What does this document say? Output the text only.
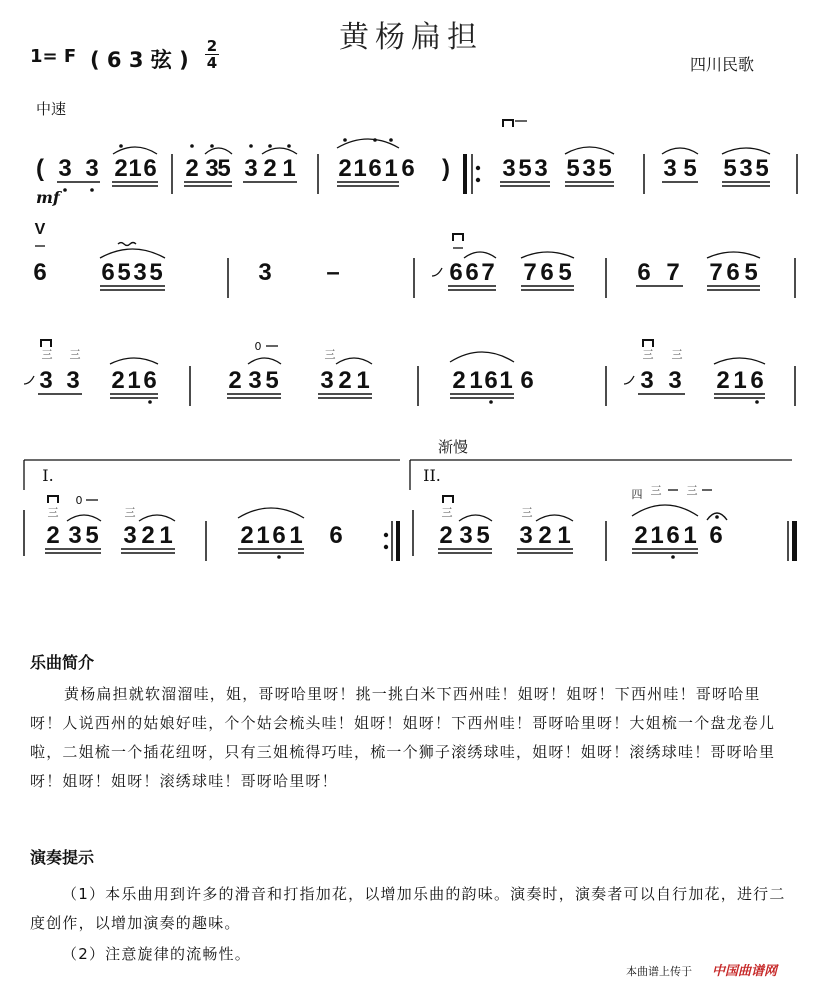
黄杨扁担
1= F ( 6 3 弦 )
2
4	四川民歌
中速
mf
渐慢
( 3 3 2 1 6 2 3
5 3 2 1 2 1 6 1 6 ) 3 5 3 5 3 5 3 5 5 3 5
V
6 6 5 3 5	3 –	6 6 7 7 6 5	6 7 7 6 5
三 三
3 3 2 1 6
0
2 3 5 3 2 1
三
2 1 6 1 6
三 三
3 3 2 1 6
I.	II.
0
三	三
2 3 5 3 2 1	2 1 6 1 6
三	三
2 3 5 3 2 1
四 三 三
2 1 6 1 6
乐曲简介
黄杨扁担就软溜溜哇，姐，哥呀哈里呀！挑一挑白米下西州哇！姐呀！姐呀！下西州哇！哥呀哈里呀！人说西州的姑娘好哇，个个姑会梳头哇！姐呀！姐呀！下西州哇！哥呀哈里呀！大姐梳一个盘龙卷儿啦，二姐梳一个插花纽呀，只有三姐梳得巧哇，梳一个狮子滚绣球哇，姐呀！姐呀！滚绣球哇！哥呀哈里呀！姐呀！姐呀！滚绣球哇！哥呀哈里呀！
演奏提示
（1）本乐曲用到许多的滑音和打指加花，以增加乐曲的韵味。演奏时，演奏者可以自行加花，进行二度创作，以增加演奏的趣味。
（2）注意旋律的流畅性。
本曲谱上传于 中国曲谱网
